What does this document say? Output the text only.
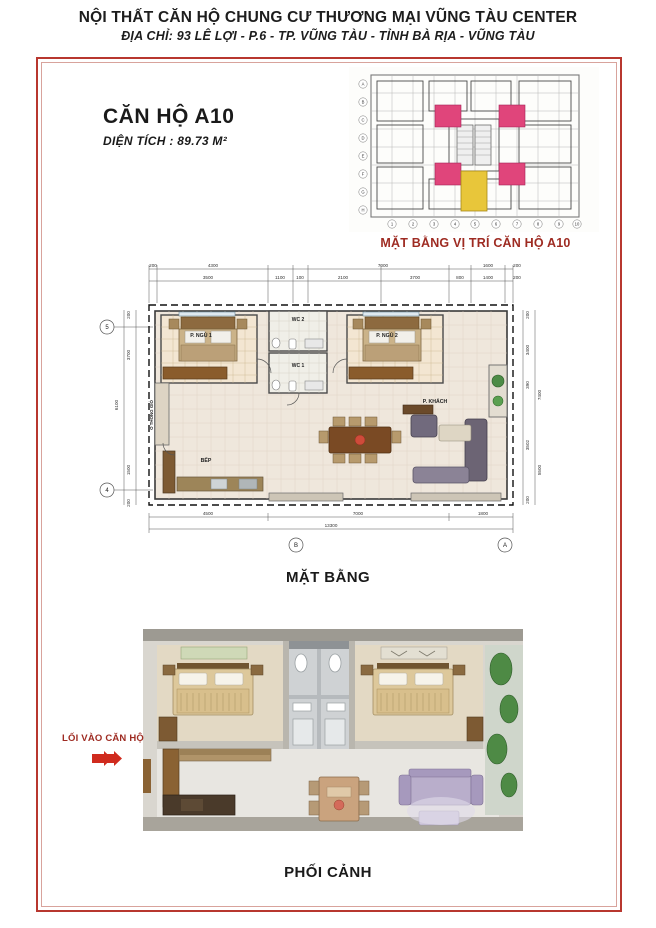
NỘI THẤT CĂN HỘ CHUNG CƯ THƯƠNG MẠI VŨNG TÀU CENTER
ĐỊA CHỈ: 93 LÊ LỢI - P.6 - TP. VŨNG TÀU - TỈNH BÀ RỊA - VŨNG TÀU
CĂN HỘ A10
DIỆN TÍCH : 89.73 M²
1	2	3	4	5	6	7	8	9	10
A
B
C
D
E
F
G
H
MẶT BẰNG VỊ TRÍ CĂN HỘ A10
200	4300	7000	1600	200
3500	1100 100	2100	3700	800	1400	200
5
4
B	A
200
3700
6100
1500
200
200
3400
7400
390
3502
5500
200
4500	7000	1800
13300
P. NGỦ 1	P. NGỦ 2
WC 2
WC 1
P. KHÁCH
BẾP
Ô THÔNG GIÓ
MẶT BẰNG
LỐI VÀO CĂN HỘ
PHỐI CẢNH
